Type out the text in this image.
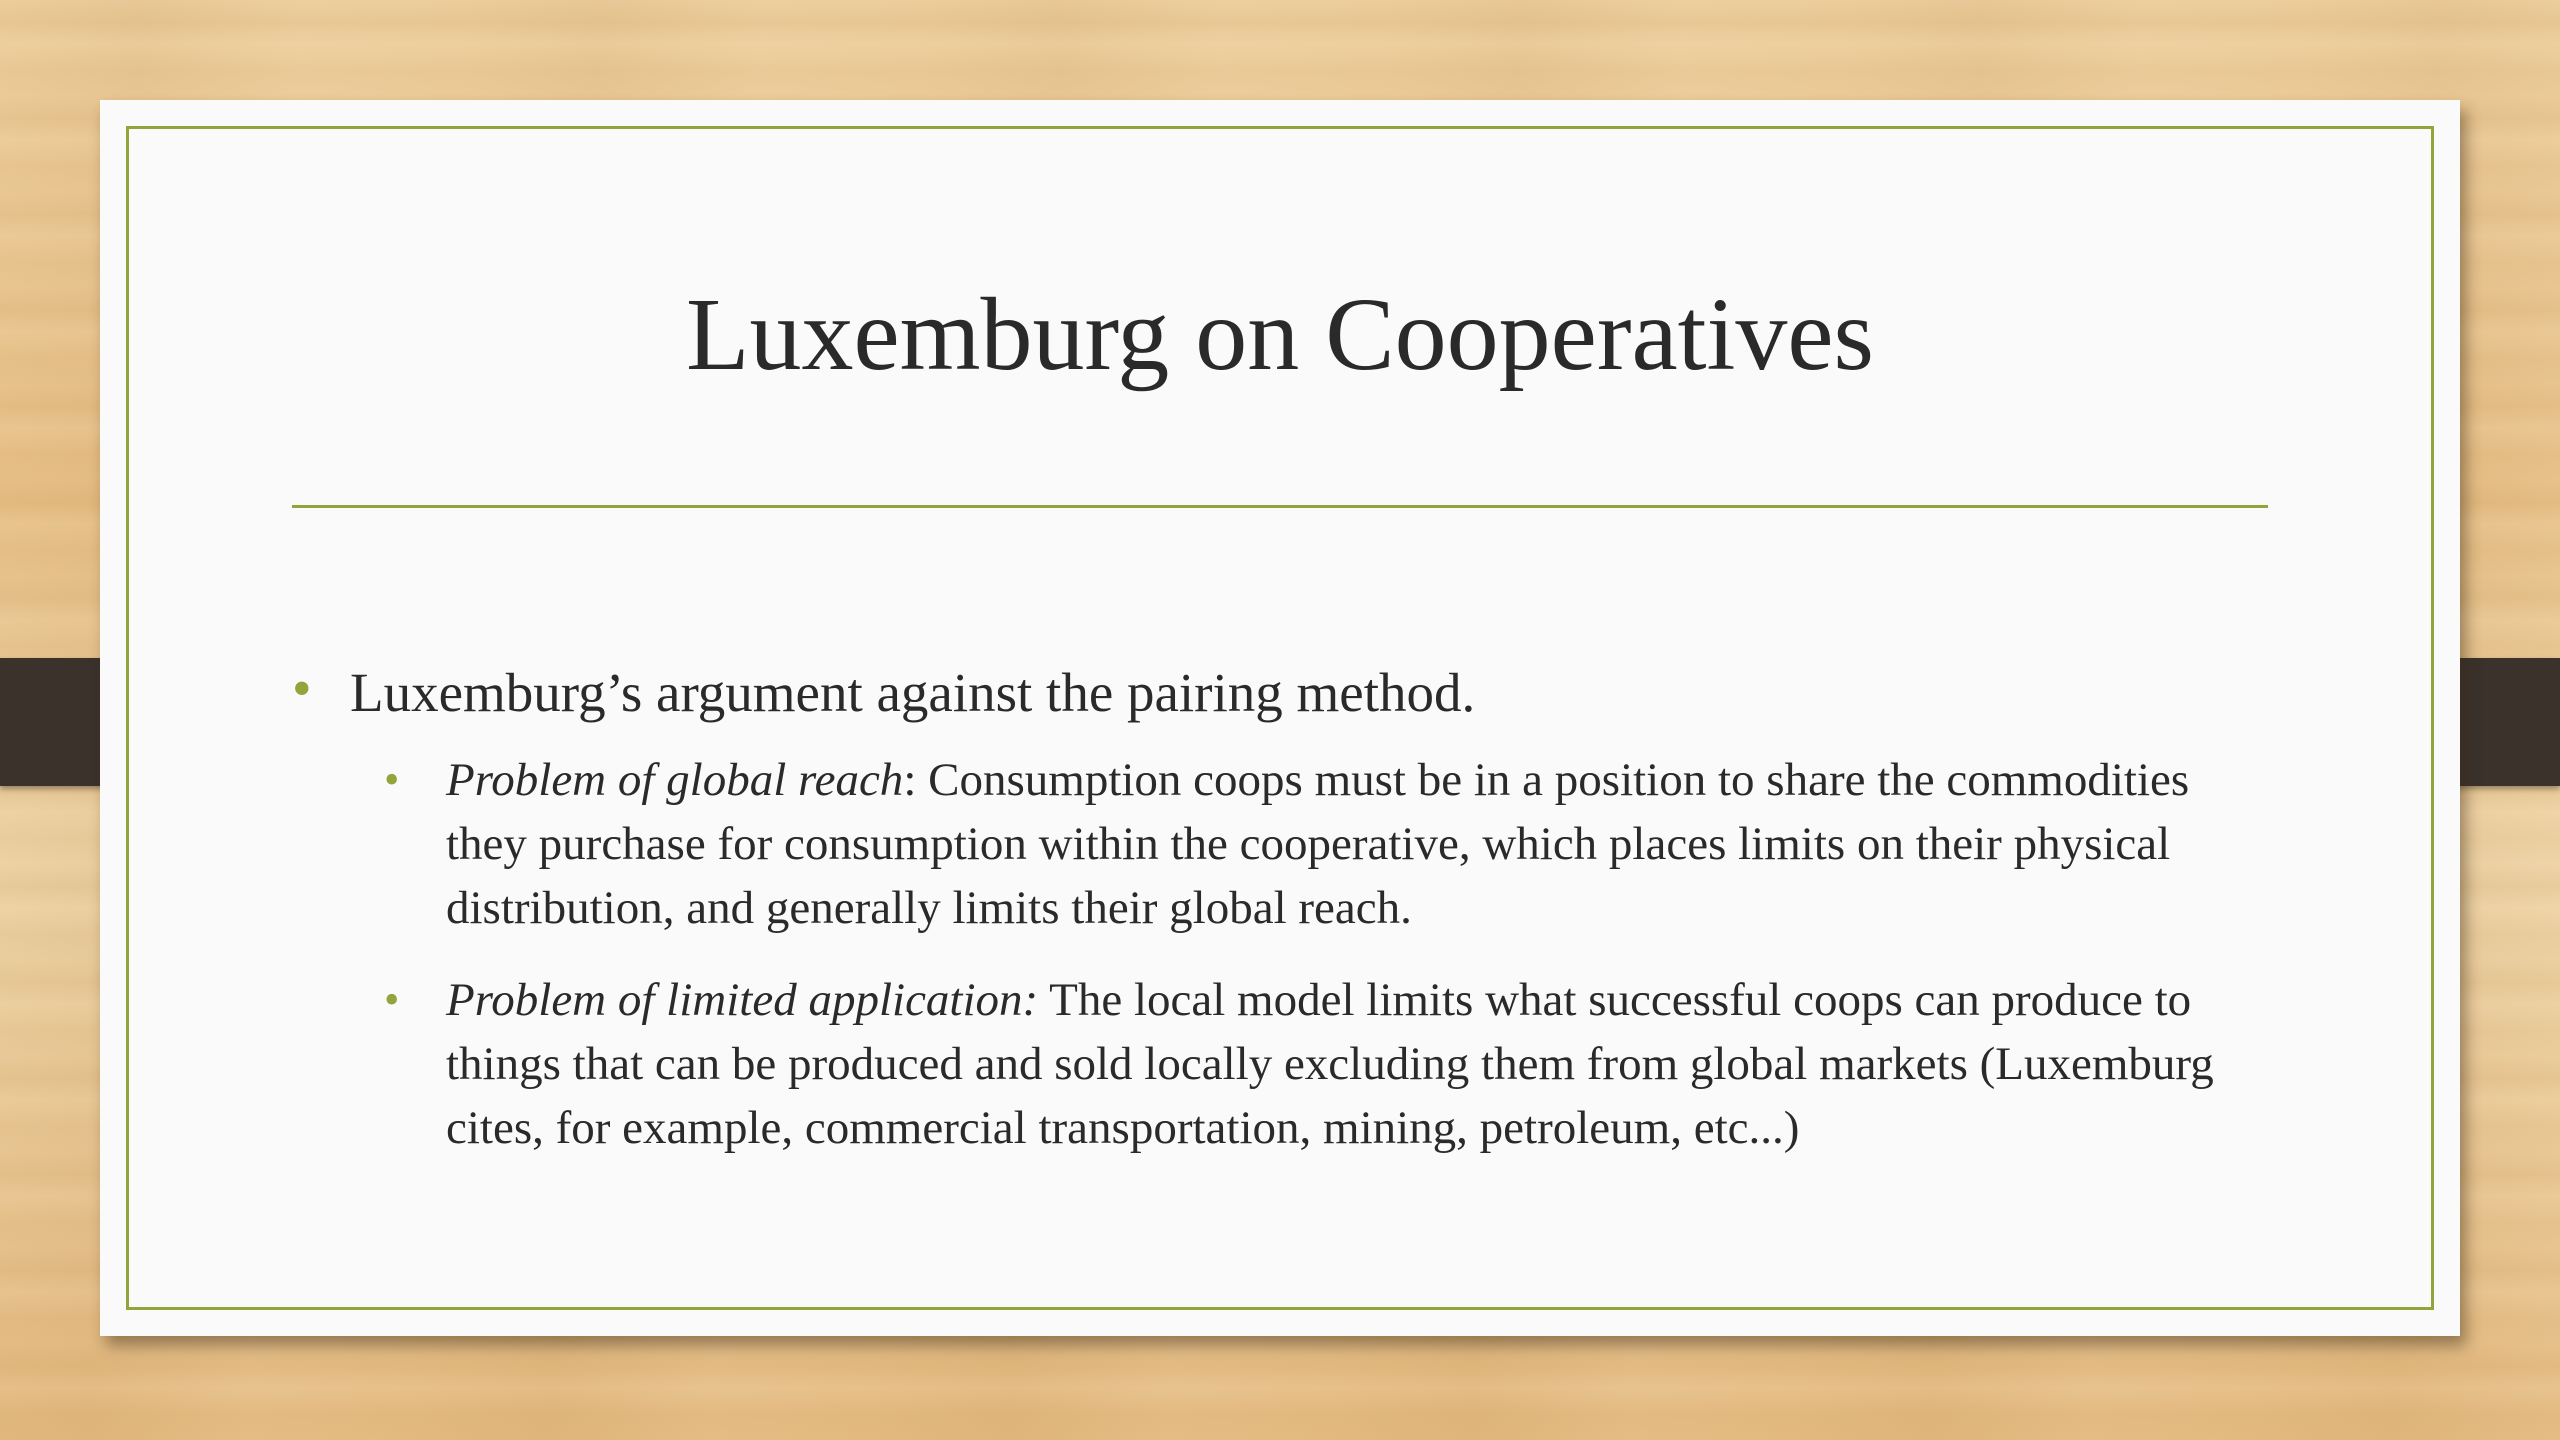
Luxemburg on Cooperatives
• Luxemburg’s argument against the pairing method.
• Problem of global reach: Consumption coops must be in a position to share the commodities they purchase for consumption within the cooperative, which places limits on their physical distribution, and generally limits their global reach.
• Problem of limited application: The local model limits what successful coops can produce to things that can be produced and sold locally excluding them from global markets (Luxemburg cites, for example, commercial transportation, mining, petroleum, etc...)
